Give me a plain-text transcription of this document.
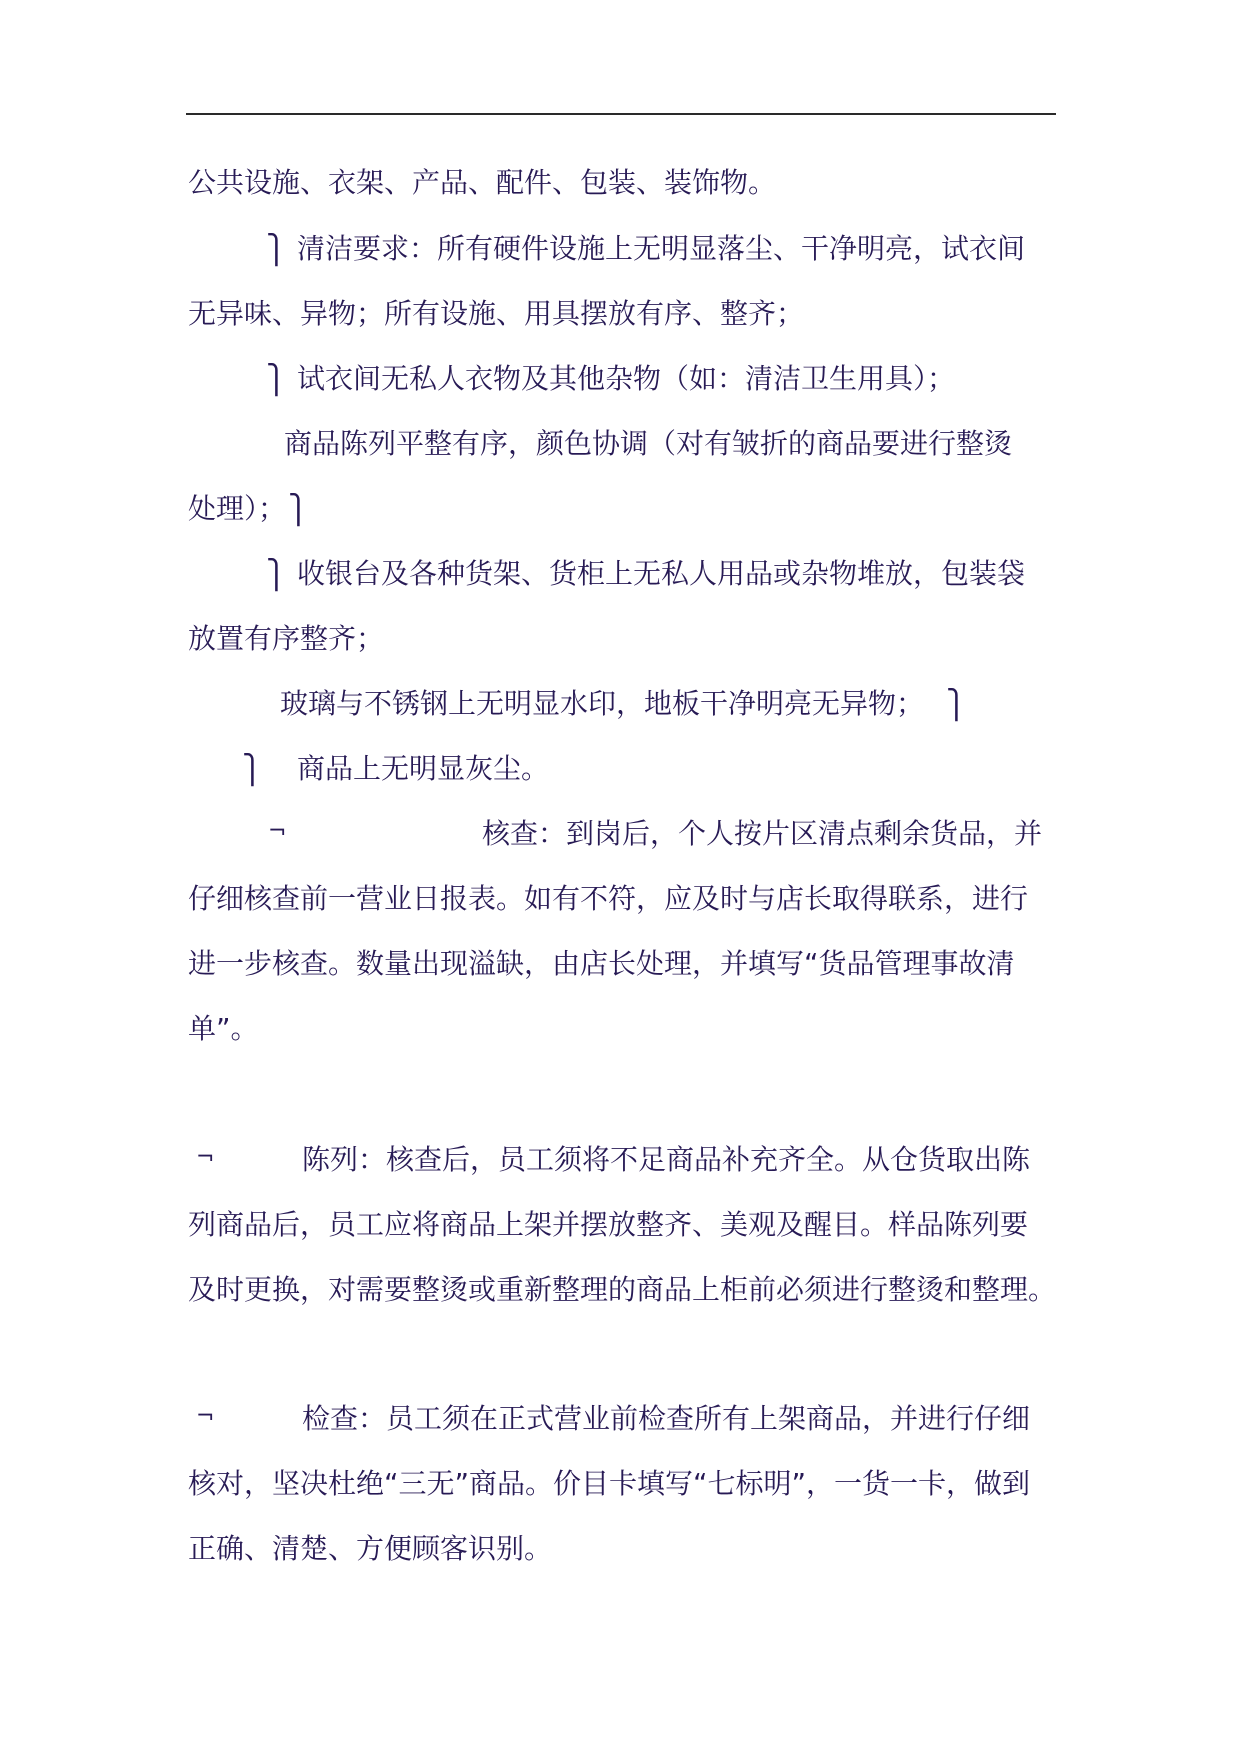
公共设施、衣架、产品、配件、包装、装饰物。
⎫ 清洁要求：所有硬件设施上无明显落尘、干净明亮，试衣间
无异味、异物；所有设施、用具摆放有序、整齐；
⎫ 试衣间无私人衣物及其他杂物（如：清洁卫生用具）；
商品陈列平整有序，颜色协调（对有皱折的商品要进行整烫
处理）； ⎫
⎫ 收银台及各种货架、货柜上无私人用品或杂物堆放，包装袋
放置有序整齐；
玻璃与不锈钢上无明显水印，地板干净明亮无异物； ⎫
⎫ 商品上无明显灰尘。
¬	核查：到岗后，个人按片区清点剩余货品，并
仔细核查前一营业日报表。如有不符，应及时与店长取得联系，进行
进一步核查。数量出现溢缺，由店长处理，并填写“货品管理事故清
单”。
¬	陈列：核查后，员工须将不足商品补充齐全。从仓货取出陈
列商品后，员工应将商品上架并摆放整齐、美观及醒目。样品陈列要
及时更换，对需要整烫或重新整理的商品上柜前必须进行整烫和整理。
¬	检查：员工须在正式营业前检查所有上架商品，并进行仔细
核对，坚决杜绝“三无”商品。价目卡填写“七标明”，一货一卡，做到
正确、清楚、方便顾客识别。
